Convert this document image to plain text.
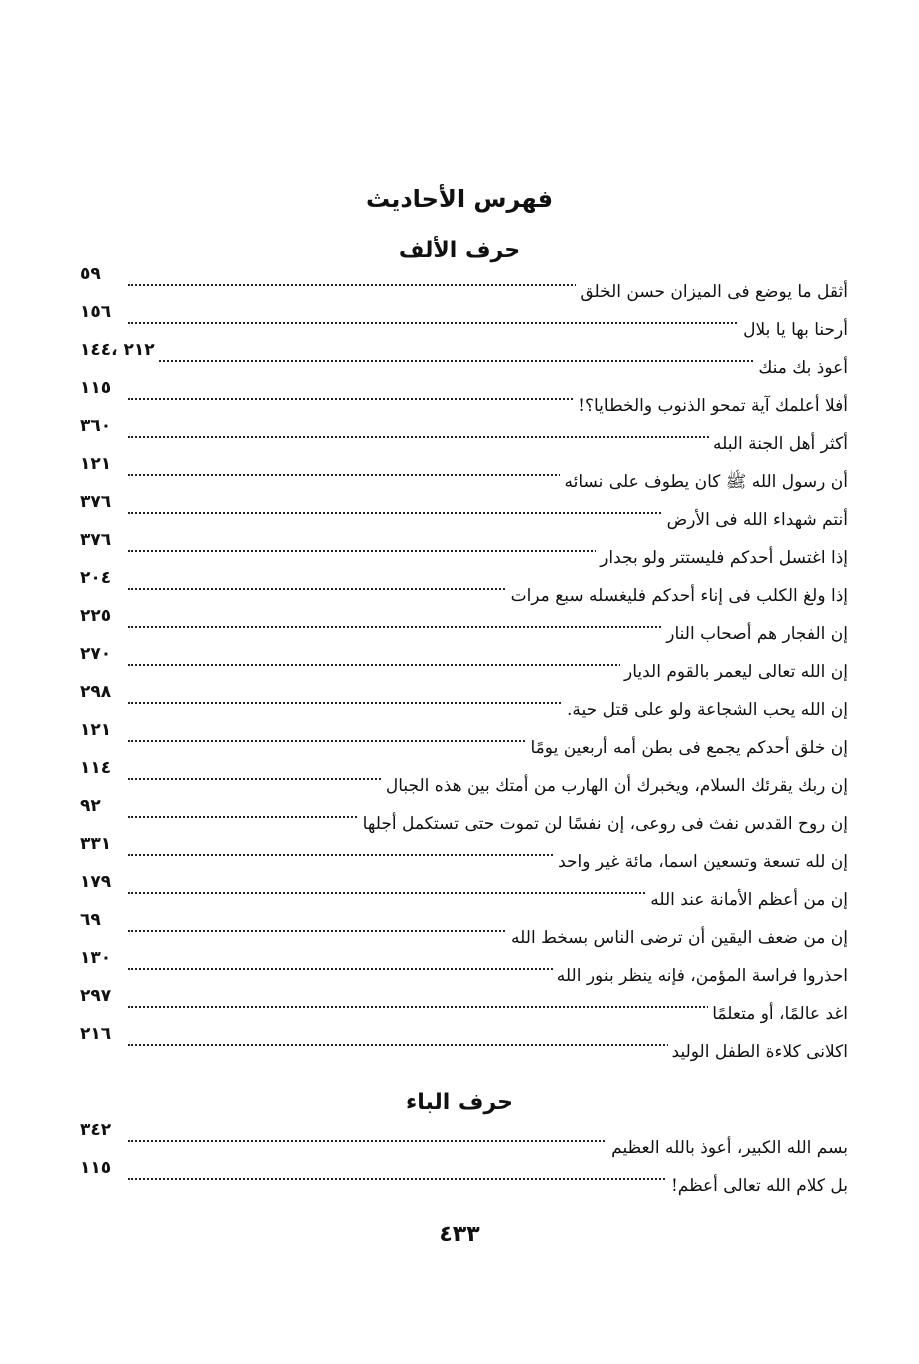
فهرس الأحاديث
حرف الألف
أثقل ما يوضع فى الميزان حسن الخلق
٥٩
أرحنا بها يا بلال
١٥٦
أعوذ بك منك
٢١٢ ،١٤٤
أفلا أعلمك آية تمحو الذنوب والخطايا؟!
١١٥
أكثر أهل الجنة البله
٣٦٠
أن رسول الله ﷺ كان يطوف على نسائه
١٢١
أنتم شهداء الله فى الأرض
٣٧٦
إذا اغتسل أحدكم فليستتر ولو بجدار
٣٧٦
إذا ولغ الكلب فى إناء أحدكم فليغسله سبع مرات
٢٠٤
إن الفجار هم أصحاب النار
٢٢٥
إن الله تعالى ليعمر بالقوم الديار
٢٧٠
إن الله يحب الشجاعة ولو على قتل حية.
٢٩٨
إن خلق أحدكم يجمع فى بطن أمه أربعين يومًا
١٢١
إن ربك يقرئك السلام، ويخبرك أن الهارب من أمتك بين هذه الجبال
١١٤
إن روح القدس نفث فى روعى، إن نفسًا لن تموت حتى تستكمل أجلها
٩٢
إن لله تسعة وتسعين اسما، مائة غير واحد
٣٣١
إن من أعظم الأمانة عند الله
١٧٩
إن من ضعف اليقين أن ترضى الناس بسخط الله
٦٩
احذروا فراسة المؤمن، فإنه ينظر بنور الله
١٣٠
اغد عالمًا، أو متعلمًا
٢٩٧
اكلانى كلاءة الطفل الوليد
٢١٦
حرف الباء
بسم الله الكبير، أعوذ بالله العظيم
٣٤٢
بل كلام الله تعالى أعظم!
١١٥
٤٣٣
